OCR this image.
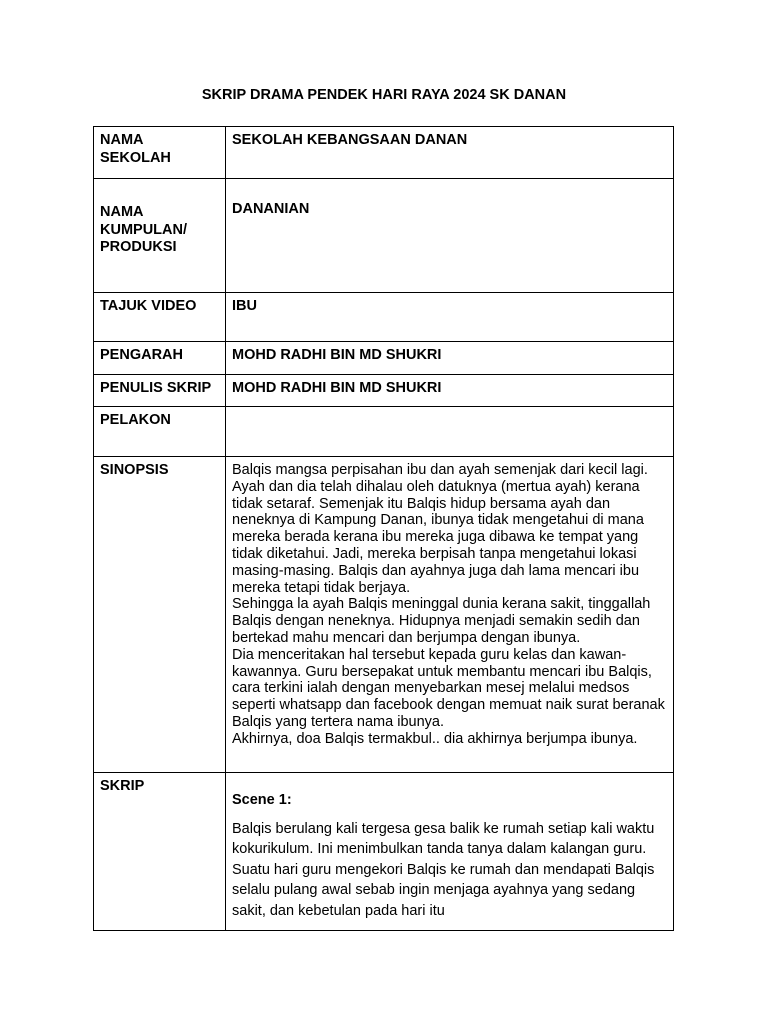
SKRIP DRAMA PENDEK HARI RAYA 2024 SK DANAN
NAMA
SEKOLAH	SEKOLAH KEBANGSAAN DANAN
NAMA
KUMPULAN/
PRODUKSI	DANANIAN
TAJUK VIDEO	IBU
PENGARAH	MOHD RADHI BIN MD SHUKRI
PENULIS SKRIP	MOHD RADHI BIN MD SHUKRI
PELAKON	
SINOPSIS	Balqis mangsa perpisahan ibu dan ayah semenjak dari kecil lagi. Ayah dan dia telah dihalau oleh datuknya (mertua ayah) kerana tidak setaraf. Semenjak itu Balqis hidup bersama ayah dan neneknya di Kampung Danan, ibunya tidak mengetahui di mana mereka berada kerana ibu mereka juga dibawa ke tempat yang tidak diketahui. Jadi, mereka berpisah tanpa mengetahui lokasi masing-masing. Balqis dan ayahnya juga dah lama mencari ibu mereka tetapi tidak berjaya.
Sehingga la ayah Balqis meninggal dunia kerana sakit, tinggallah Balqis dengan neneknya. Hidupnya menjadi semakin sedih dan bertekad mahu mencari dan berjumpa dengan ibunya.
Dia menceritakan hal tersebut kepada guru kelas dan kawan-kawannya. Guru bersepakat untuk membantu mencari ibu Balqis, cara terkini ialah dengan menyebarkan mesej melalui medsos seperti whatsapp dan facebook dengan memuat naik surat beranak Balqis yang tertera nama ibunya.
Akhirnya, doa Balqis termakbul.. dia akhirnya berjumpa ibunya.

SKRIP	Scene 1:
Balqis berulang kali tergesa gesa balik ke rumah setiap kali waktu kokurikulum. Ini menimbulkan tanda tanya dalam kalangan guru. Suatu hari guru mengekori Balqis ke rumah dan mendapati Balqis selalu pulang awal sebab ingin menjaga ayahnya yang sedang sakit, dan kebetulan pada hari itu
